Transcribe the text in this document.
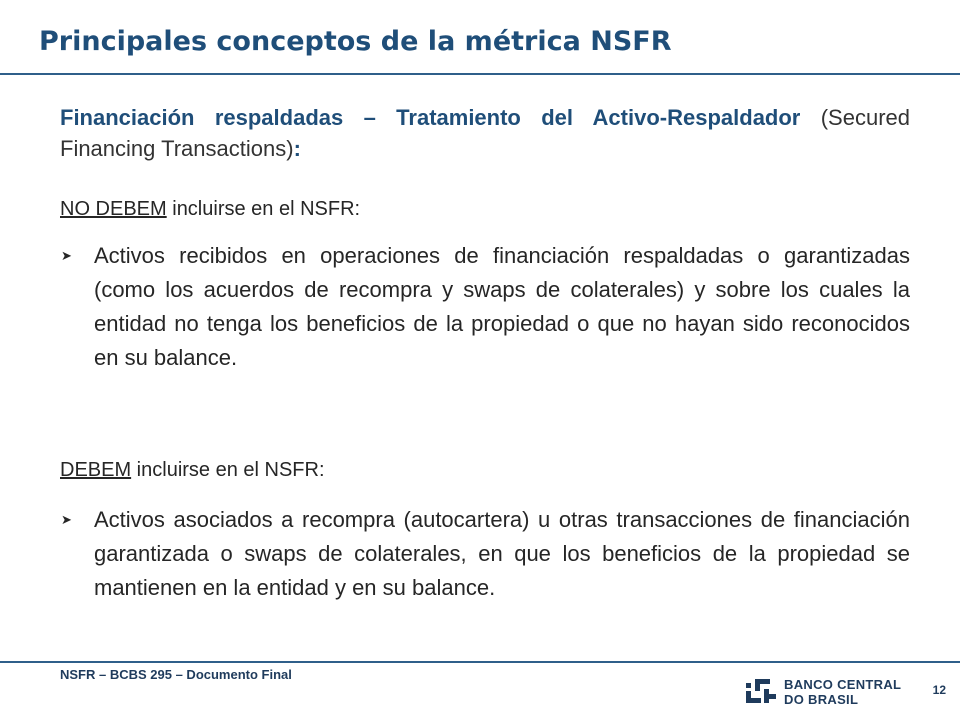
Principales conceptos de la métrica NSFR
Financiación respaldadas – Tratamiento del Activo-Respaldador (Secured Financing Transactions):
NO DEBEM incluirse en el NSFR:
➤	Activos recibidos en operaciones de financiación respaldadas o garantizadas (como los acuerdos de recompra y swaps de colaterales) y sobre los cuales la entidad no tenga los beneficios de la propiedad o que no hayan sido reconocidos en su balance.
DEBEM incluirse en el NSFR:
➤	Activos asociados a recompra (autocartera) u otras transacciones de financiación garantizada o swaps de colaterales, en que los beneficios de la propiedad se mantienen en la entidad y en su balance.
NSFR – BCBS 295 – Documento Final
BANCO CENTRAL
DO BRASIL
12
